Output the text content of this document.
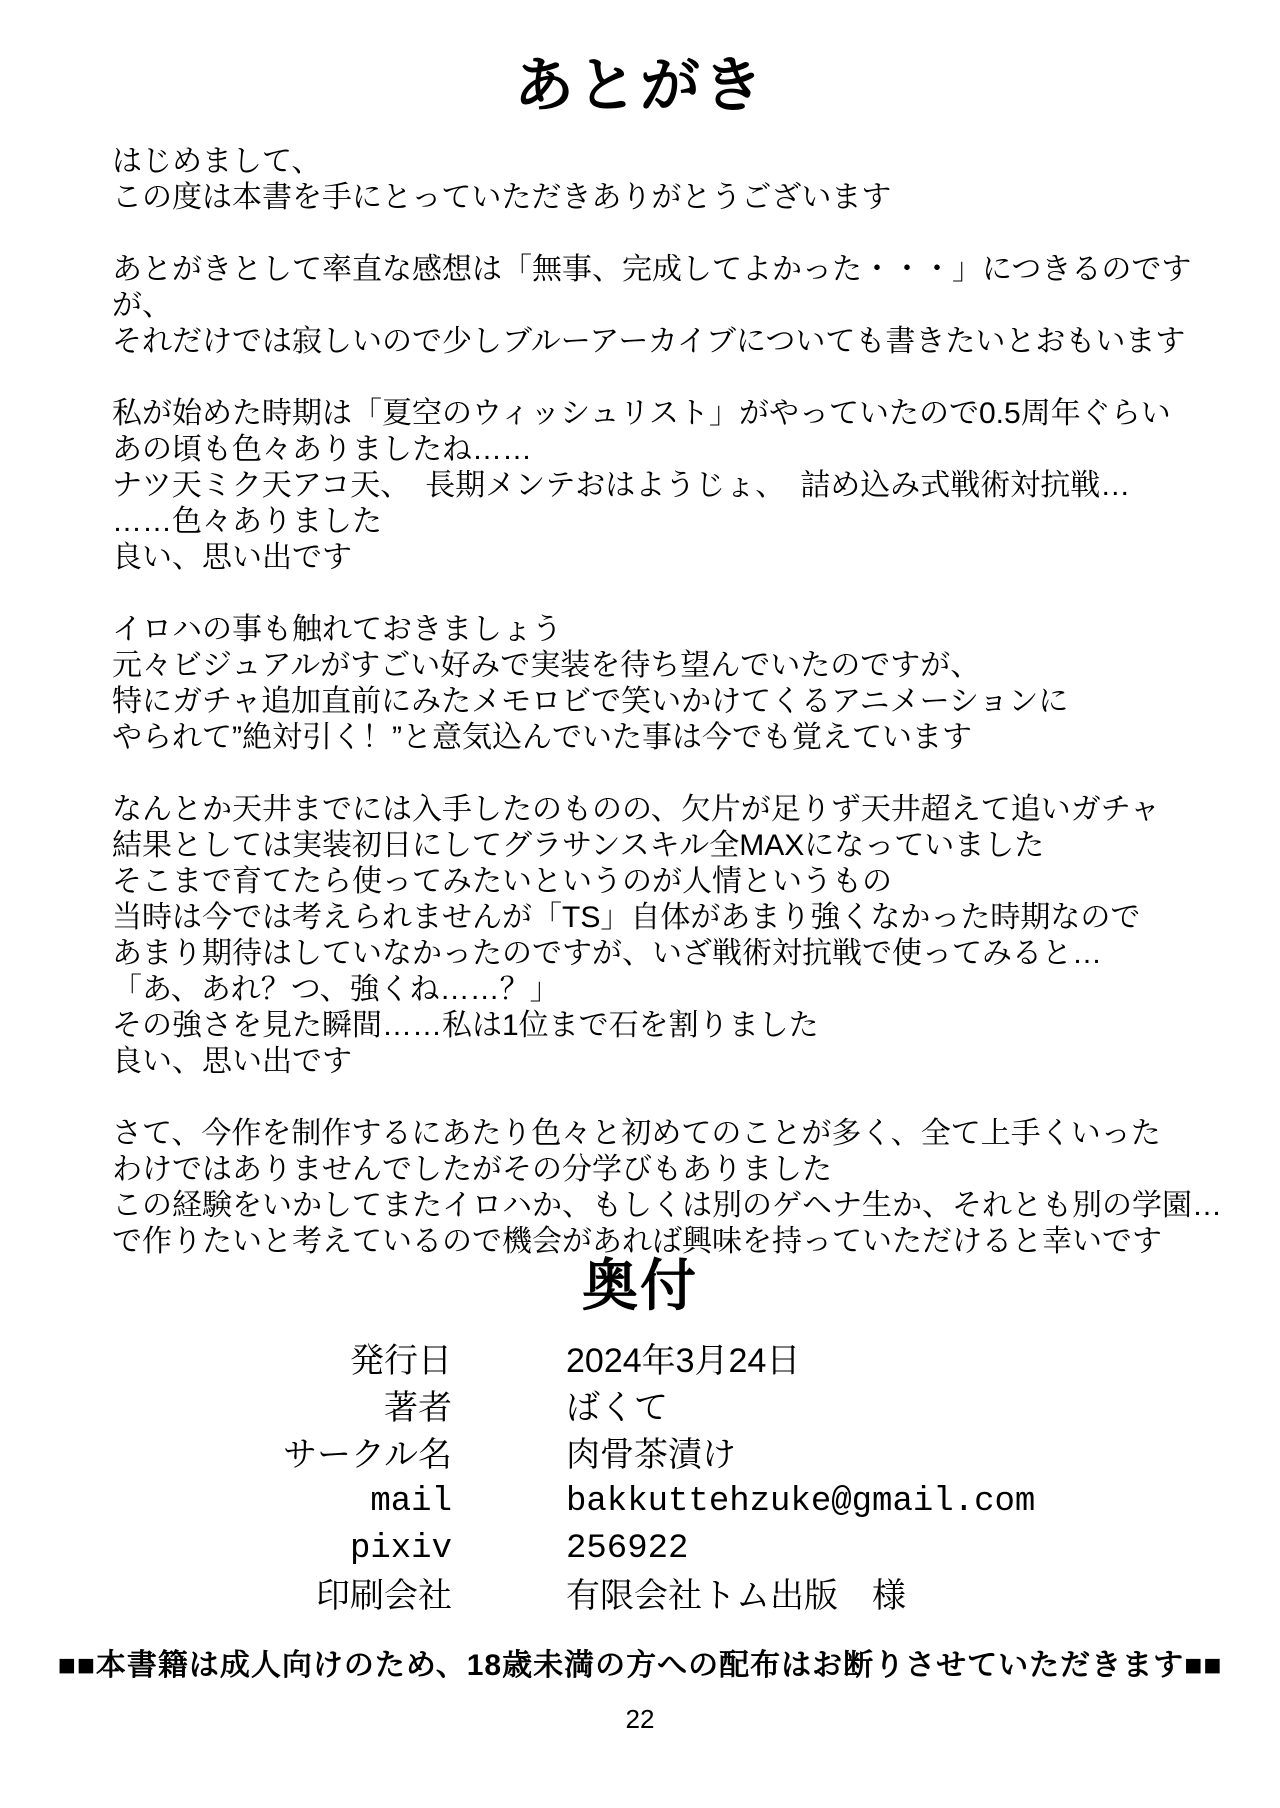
あとがき
はじめまして、
この度は本書を手にとっていただきありがとうございます
あとがきとして率直な感想は「無事、完成してよかった・・・」につきるのですが、
それだけでは寂しいので少しブルーアーカイブについても書きたいとおもいます
私が始めた時期は「夏空のウィッシュリスト」がやっていたので0.5周年ぐらい
あの頃も色々ありましたね……
ナツ天ミク天アコ天、　長期メンテおはようじょ、　詰め込み式戦術対抗戦…
……色々ありました
良い、思い出です
イロハの事も触れておきましょう
元々ビジュアルがすごい好みで実装を待ち望んでいたのですが、
特にガチャ追加直前にみたメモロビで笑いかけてくるアニメーションに
やられて”絶対引く！”と意気込んでいた事は今でも覚えています
なんとか天井までには入手したのものの、欠片が足りず天井超えて追いガチャ
結果としては実装初日にしてグラサンスキル全MAXになっていました
そこまで育てたら使ってみたいというのが人情というもの
当時は今では考えられませんが「TS」自体があまり強くなかった時期なので
あまり期待はしていなかったのですが、いざ戦術対抗戦で使ってみると…
「あ、あれ？つ、強くね……？」
その強さを見た瞬間……私は1位まで石を割りました
良い、思い出です
さて、今作を制作するにあたり色々と初めてのことが多く、全て上手くいった
わけではありませんでしたがその分学びもありました
この経験をいかしてまたイロハか、もしくは別のゲヘナ生か、それとも別の学園…
で作りたいと考えているので機会があれば興味を持っていただけると幸いです
奥付
発行日	2024年3月24日
著者	ばくて
サークル名	肉骨茶漬け
mail	bakkuttehzuke@gmail.com
pixiv	256922
印刷会社	有限会社トム出版　様
■■本書籍は成人向けのため、18歳未満の方への配布はお断りさせていただきます■■
22
